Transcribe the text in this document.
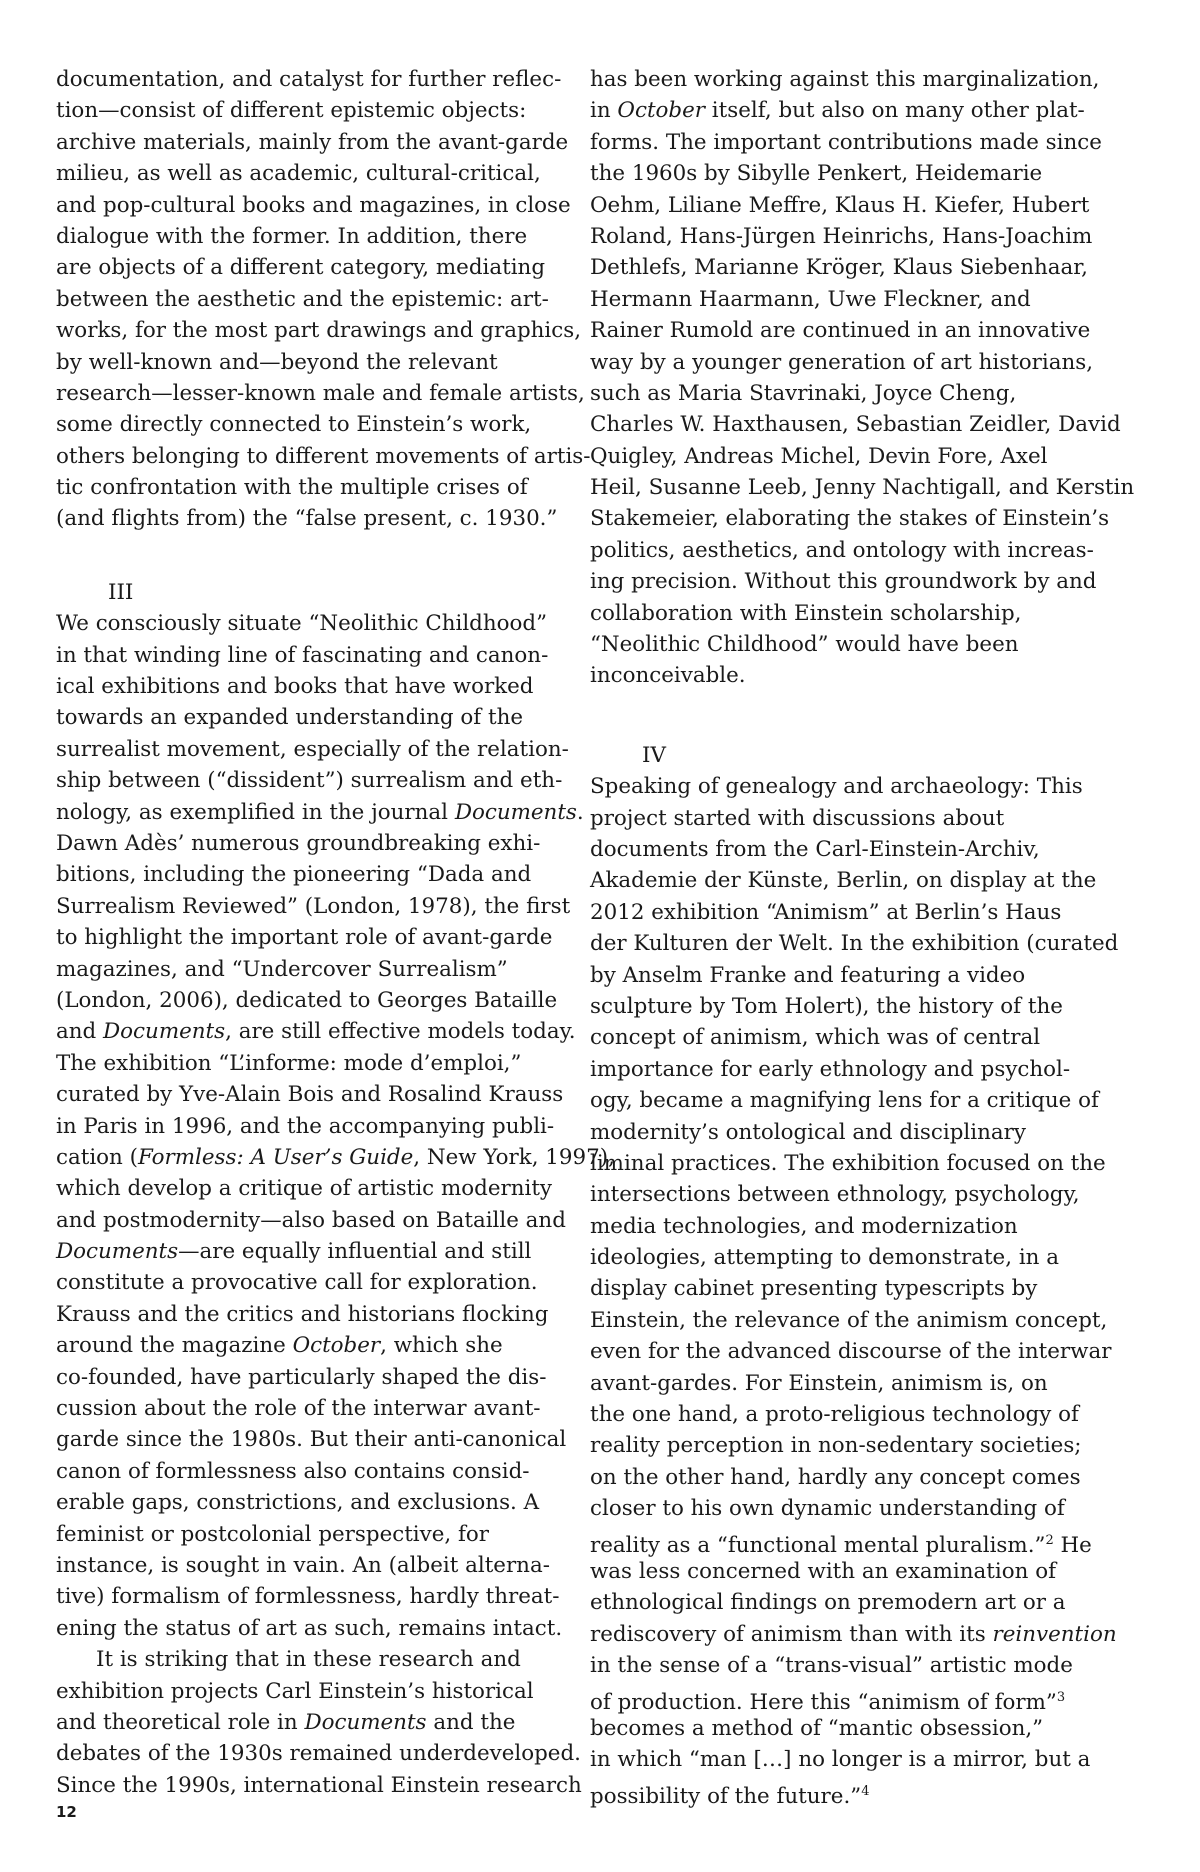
documentation, and catalyst for further reflec-
tion—consist of different epistemic objects:
archive materials, mainly from the avant-garde
milieu, as well as academic, cultural-critical,
and pop-cultural books and magazines, in close
dialogue with the former. In addition, there
are objects of a different category, mediating
between the aesthetic and the epistemic: art-
works, for the most part drawings and graphics,
by well-known and—beyond the relevant
research—lesser-known male and female artists,
some directly connected to Einstein’s work,
others belonging to different movements of artis-
tic confrontation with the multiple crises of
(and flights from) the “false present, c. 1930.”
III
We consciously situate “Neolithic Childhood”
in that winding line of fascinating and canon-
ical exhibitions and books that have worked
towards an expanded understanding of the
surrealist movement, especially of the relation-
ship between (“dissident”) surrealism and eth-
nology, as exemplified in the journal Documents.
Dawn Adès’ numerous groundbreaking exhi-
bitions, including the pioneering “Dada and
Surrealism Reviewed” (London, 1978), the first
to highlight the important role of avant-garde
magazines, and “Undercover Surrealism”
(London, 2006), dedicated to Georges Bataille
and Documents, are still effective models today.
The exhibition “L’informe: mode d’emploi,”
curated by Yve-Alain Bois and Rosalind Krauss
in Paris in 1996, and the accompanying publi-
cation (Formless: A User’s Guide, New York, 1997),
which develop a critique of artistic modernity
and postmodernity—also based on Bataille and
Documents—are equally influential and still
constitute a provocative call for exploration.
Krauss and the critics and historians flocking
around the magazine October, which she
co-founded, have particularly shaped the dis-
cussion about the role of the interwar avant-
garde since the 1980s. But their anti-canonical
canon of formlessness also contains consid-
erable gaps, constrictions, and exclusions. A
feminist or postcolonial perspective, for
instance, is sought in vain. An (albeit alterna-
tive) formalism of formlessness, hardly threat-
ening the status of art as such, remains intact.
It is striking that in these research and
exhibition projects Carl Einstein’s historical
and theoretical role in Documents and the
debates of the 1930s remained underdeveloped.
Since the 1990s, international Einstein research
has been working against this marginalization,
in October itself, but also on many other plat-
forms. The important contributions made since
the 1960s by Sibylle Penkert, Heidemarie
Oehm, Liliane Meffre, Klaus H. Kiefer, Hubert
Roland, Hans-Jürgen Heinrichs, Hans-Joachim
Dethlefs, Marianne Kröger, Klaus Siebenhaar,
Hermann Haarmann, Uwe Fleckner, and
Rainer Rumold are continued in an innovative
way by a younger generation of art historians,
such as Maria Stavrinaki, Joyce Cheng,
Charles W. Haxthausen, Sebastian Zeidler, David
Quigley, Andreas Michel, Devin Fore, Axel
Heil, Susanne Leeb, Jenny Nachtigall, and Kerstin
Stakemeier, elaborating the stakes of Einstein’s
politics, aesthetics, and ontology with increas-
ing precision. Without this groundwork by and
collaboration with Einstein scholarship,
“Neolithic Childhood” would have been
inconceivable.
IV
Speaking of genealogy and archaeology: This
project started with discussions about
documents from the Carl-Einstein-Archiv,
Akademie der Künste, Berlin, on display at the
2012 exhibition “Animism” at Berlin’s Haus
der Kulturen der Welt. In the exhibition (curated
by Anselm Franke and featuring a video
sculpture by Tom Holert), the history of the
concept of animism, which was of central
importance for early ethnology and psychol-
ogy, became a magnifying lens for a critique of
modernity’s ontological and disciplinary
liminal practices. The exhibition focused on the
intersections between ethnology, psychology,
media technologies, and modernization
ideologies, attempting to demonstrate, in a
display cabinet presenting typescripts by
Einstein, the relevance of the animism concept,
even for the advanced discourse of the interwar
avant-gardes. For Einstein, animism is, on
the one hand, a proto-religious technology of
reality perception in non-sedentary societies;
on the other hand, hardly any concept comes
closer to his own dynamic understanding of
reality as a “functional mental pluralism.”$^2$ He
was less concerned with an examination of
ethnological findings on premodern art or a
rediscovery of animism than with its reinvention
in the sense of a “trans-visual” artistic mode
of production. Here this “animism of form”$^3$
becomes a method of “mantic obsession,”
in which “man […] no longer is a mirror, but a
possibility of the future.”$^4$
12
